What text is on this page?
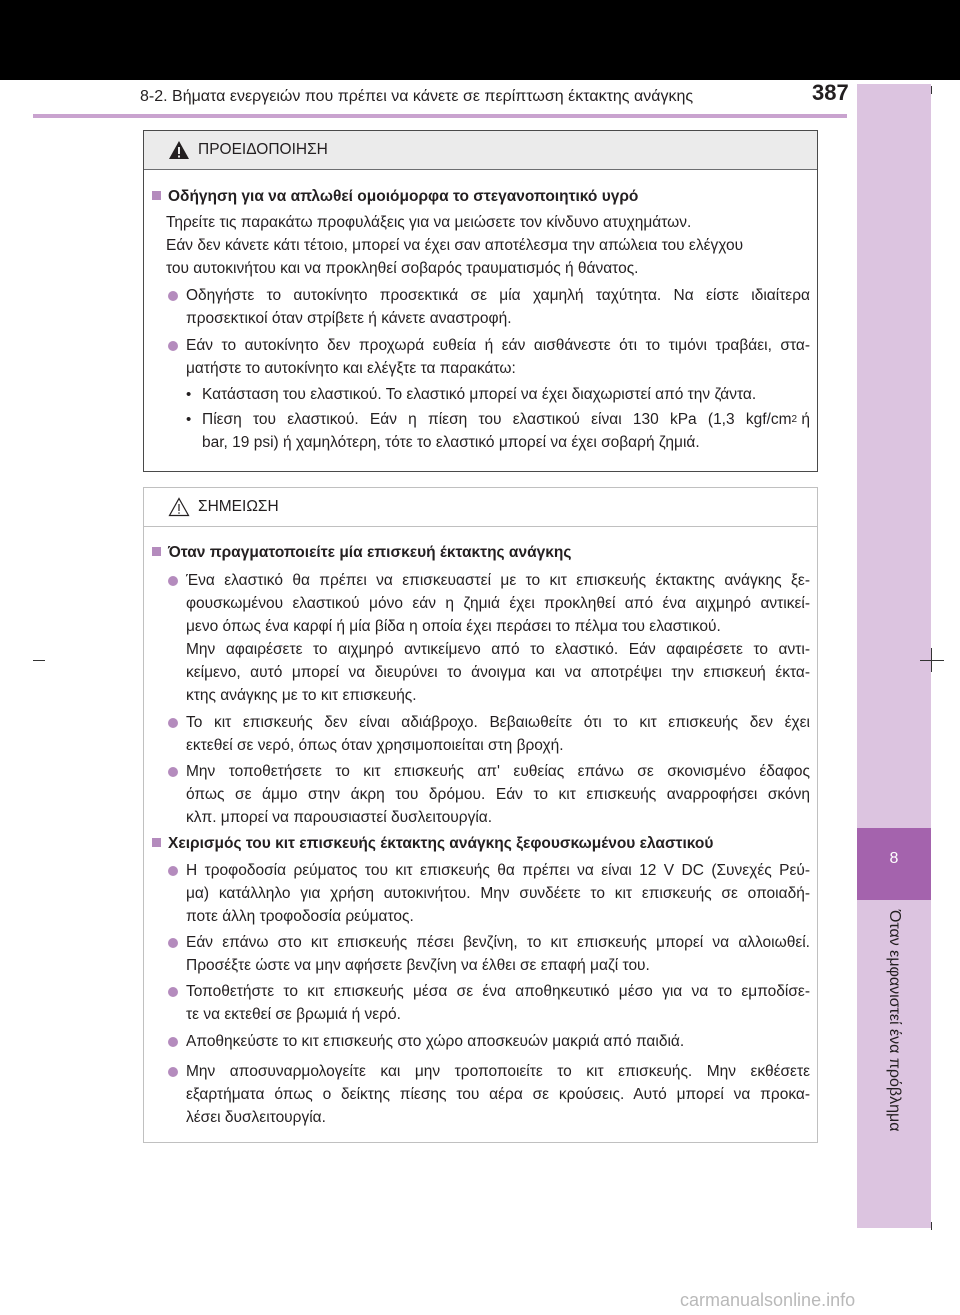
8-2. Βήματα ενεργειών που πρέπει να κάνετε σε περίπτωση έκτακτης ανάγκης	387
8
Όταν εμφανιστεί ένα πρόβλημα
ΠΡΟΕΙΔΟΠΟΙΗΣΗ
Οδήγηση για να απλωθεί ομοιόμορφα το στεγανοποιητικό υγρό
Τηρείτε τις παρακάτω προφυλάξεις για να μειώσετε τον κίνδυνο ατυχημάτων.
Εάν δεν κάνετε κάτι τέτοιο, μπορεί να έχει σαν αποτέλεσμα την απώλεια του ελέγχου
του αυτοκινήτου και να προκληθεί σοβαρός τραυματισμός ή θάνατος.
Οδηγήστε το αυτοκίνητο προσεκτικά σε μία χαμηλή ταχύτητα. Να είστε ιδιαίτερα
προσεκτικοί όταν στρίβετε ή κάνετε αναστροφή.
Εάν το αυτοκίνητο δεν προχωρά ευθεία ή εάν αισθάνεστε ότι το τιμόνι τραβάει, στα-
ματήστε το αυτοκίνητο και ελέγξτε τα παρακάτω:
• Κατάσταση του ελαστικού. Το ελαστικό μπορεί να έχει διαχωριστεί από την ζάντα.
• Πίεση του ελαστικού. Εάν η πίεση του ελαστικού είναι 130 kPa (1,3 kgf/cm 2 ή
bar, 19 psi) ή χαμηλότερη, τότε το ελαστικό μπορεί να έχει σοβαρή ζημιά.
ΣΗΜΕΙΩΣΗ
Όταν πραγματοποιείτε μία επισκευή έκτακτης ανάγκης
Ένα ελαστικό θα πρέπει να επισκευαστεί με το κιτ επισκευής έκτακτης ανάγκης ξε-
φουσκωμένου ελαστικού μόνο εάν η ζημιά έχει προκληθεί από ένα αιχμηρό αντικεί-
μενο όπως ένα καρφί ή μία βίδα η οποία έχει περάσει το πέλμα του ελαστικού.
Μην αφαιρέσετε το αιχμηρό αντικείμενο από το ελαστικό. Εάν αφαιρέσετε το αντι-
κείμενο, αυτό μπορεί να διευρύνει το άνοιγμα και να αποτρέψει την επισκευή έκτα-
κτης ανάγκης με το κιτ επισκευής.
Το κιτ επισκευής δεν είναι αδιάβροχο. Βεβαιωθείτε ότι το κιτ επισκευής δεν έχει
εκτεθεί σε νερό, όπως όταν χρησιμοποιείται στη βροχή.
Μην τοποθετήσετε το κιτ επισκευής απ' ευθείας επάνω σε σκονισμένο έδαφος
όπως σε άμμο στην άκρη του δρόμου. Εάν το κιτ επισκευής αναρροφήσει σκόνη
κλπ. μπορεί να παρουσιαστεί δυσλειτουργία.
Χειρισμός του κιτ επισκευής έκτακτης ανάγκης ξεφουσκωμένου ελαστικού
Η τροφοδοσία ρεύματος του κιτ επισκευής θα πρέπει να είναι 12 V DC (Συνεχές Ρεύ-
μα) κατάλληλο για χρήση αυτοκινήτου. Μην συνδέετε το κιτ επισκευής σε οποιαδή-
ποτε άλλη τροφοδοσία ρεύματος.
Εάν επάνω στο κιτ επισκευής πέσει βενζίνη, το κιτ επισκευής μπορεί να αλλοιωθεί.
Προσέξτε ώστε να μην αφήσετε βενζίνη να έλθει σε επαφή μαζί του.
Τοποθετήστε το κιτ επισκευής μέσα σε ένα αποθηκευτικό μέσο για να το εμποδίσε-
τε να εκτεθεί σε βρωμιά ή νερό.
Αποθηκεύστε το κιτ επισκευής στο χώρο αποσκευών μακριά από παιδιά.
Μην αποσυναρμολογείτε και μην τροποποιείτε το κιτ επισκευής. Μην εκθέσετε
εξαρτήματα όπως ο δείκτης πίεσης του αέρα σε κρούσεις. Αυτό μπορεί να προκα-
λέσει δυσλειτουργία.
carmanualsonline.info
